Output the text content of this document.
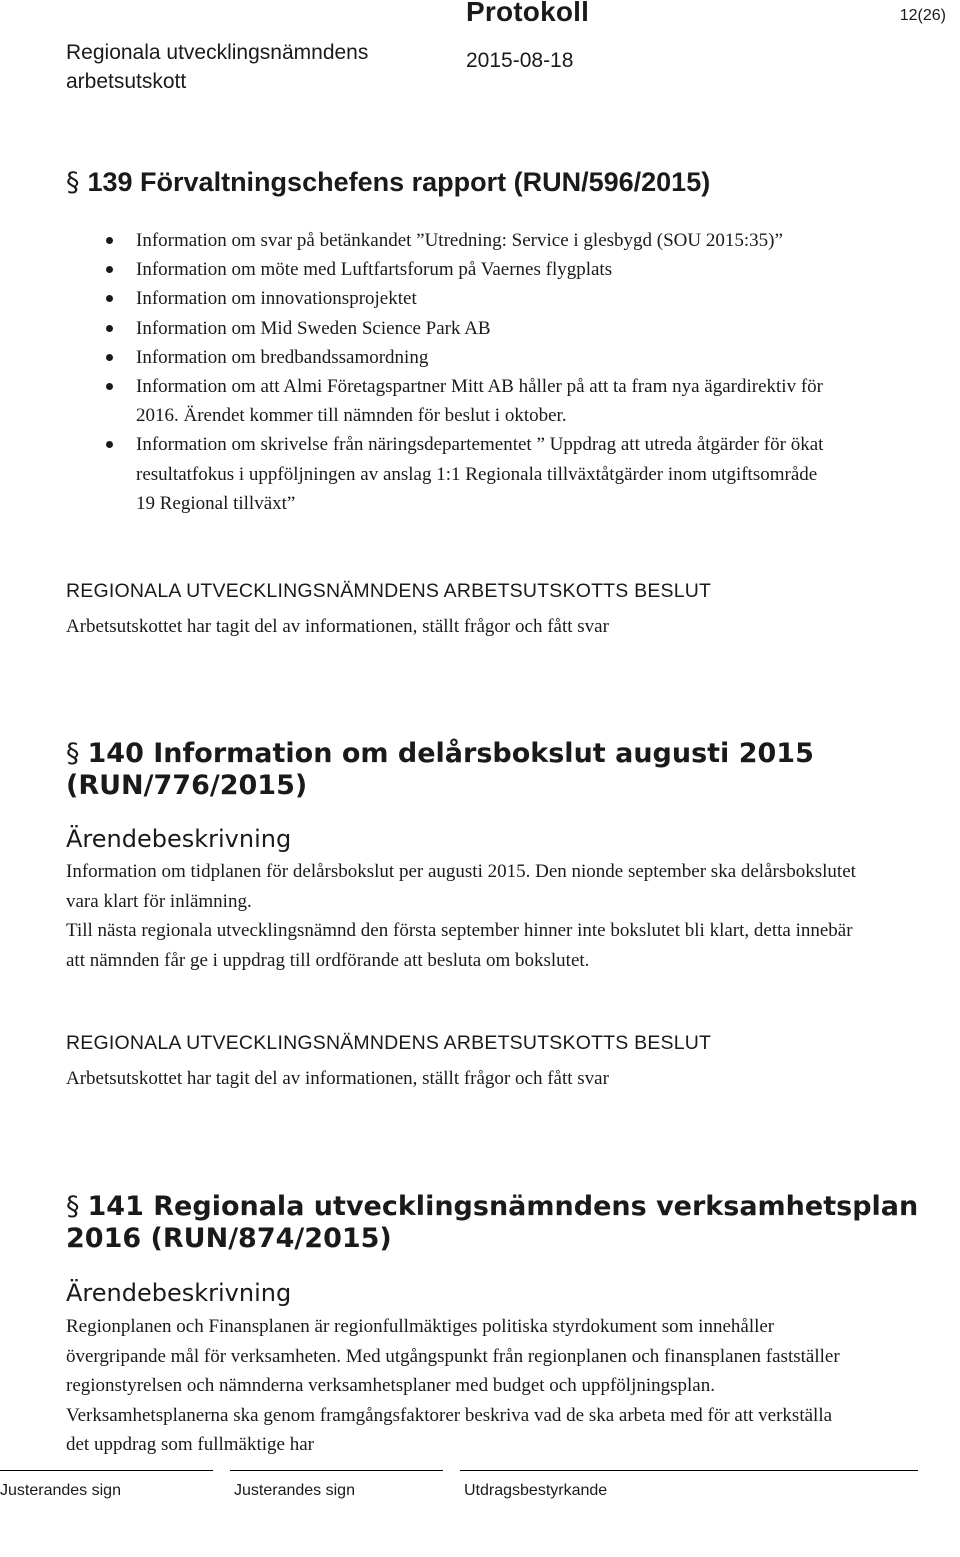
Regionala utvecklingsnämndens arbetsutskott
Protokoll
2015-08-18
12(26)
§ 139 Förvaltningschefens rapport (RUN/596/2015)
Information om svar på betänkandet ”Utredning: Service i glesbygd (SOU 2015:35)”
Information om möte med Luftfartsforum på Vaernes flygplats
Information om innovationsprojektet
Information om Mid Sweden Science Park AB
Information om bredbandssamordning
Information om att Almi Företagspartner Mitt AB håller på att ta fram nya ägardirektiv för 2016. Ärendet kommer till nämnden för beslut i oktober.
Information om skrivelse från näringsdepartementet ” Uppdrag att utreda åtgärder för ökat resultatfokus i uppföljningen av anslag 1:1 Regionala tillväxtåtgärder inom utgiftsområde 19 Regional tillväxt”
REGIONALA UTVECKLINGSNÄMNDENS ARBETSUTSKOTTS BESLUT
Arbetsutskottet har tagit del av informationen, ställt frågor och fått svar
§ 140 Information om delårsbokslut augusti 2015
(RUN/776/2015)
Ärendebeskrivning

Information om tidplanen för delårsbokslut per augusti 2015. Den nionde september ska delårsbokslutet vara klart för inlämning.

Till nästa regionala utvecklingsnämnd den första september hinner inte bokslutet bli klart, detta innebär att nämnden får ge i uppdrag till ordförande att besluta om bokslutet.

REGIONALA UTVECKLINGSNÄMNDENS ARBETSUTSKOTTS BESLUT
Arbetsutskottet har tagit del av informationen, ställt frågor och fått svar
§ 141 Regionala utvecklingsnämndens verksamhetsplan
2016 (RUN/874/2015)
Ärendebeskrivning

Regionplanen och Finansplanen är regionfullmäktiges politiska styrdokument som innehåller övergripande mål för verksamheten. Med utgångspunkt från regionplanen och finansplanen fastställer regionstyrelsen och nämnderna verksamhetsplaner med budget och uppföljningsplan. Verksamhetsplanerna ska genom framgångsfaktorer beskriva vad de ska arbeta med för att verkställa det uppdrag som fullmäktige har

Justerandes sign	Justerandes sign	Utdragsbestyrkande
